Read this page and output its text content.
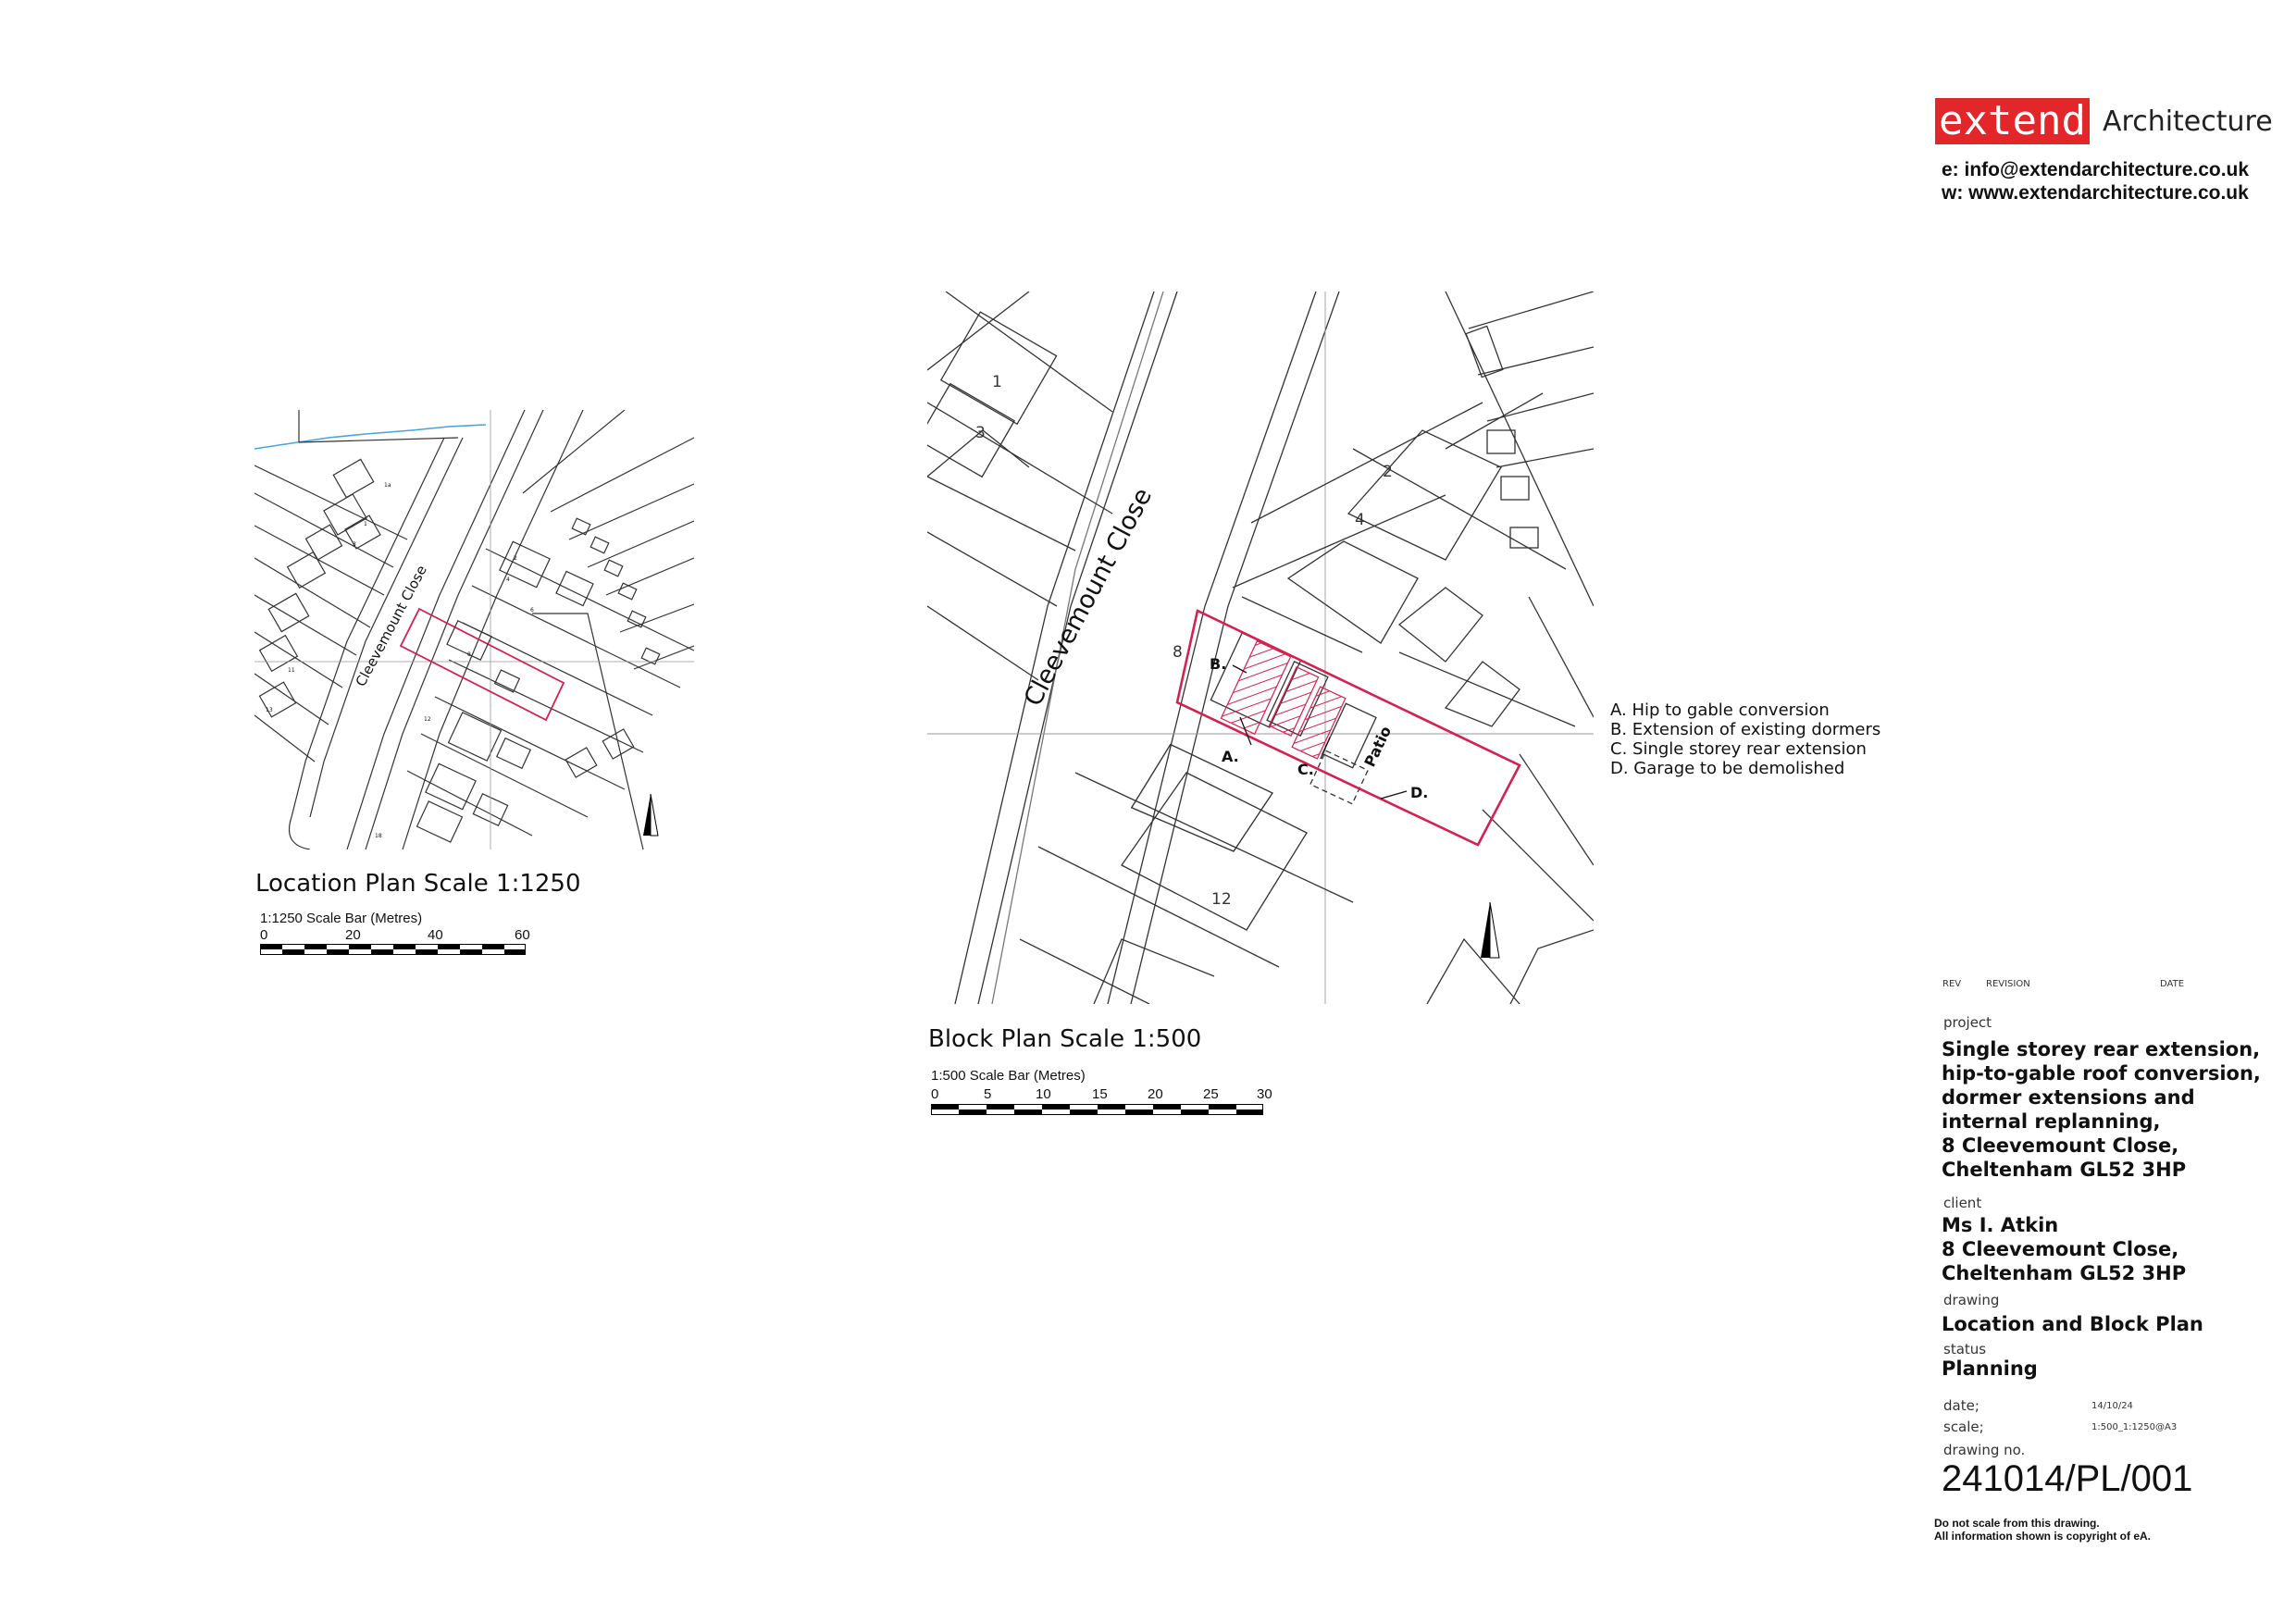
extend Architecture
e: info@extendarchitecture.co.uk
w: www.extendarchitecture.co.uk
Cleevemount Close
1a
1
3
2
4
6
8
11
12
13
18
Location Plan Scale 1:1250
1:1250 Scale Bar (Metres)
0	20	40	60
Cleevemount Close
1
3
2
4
8
12
Patio
A.
B.
C.
D.
Block Plan Scale 1:500
1:500 Scale Bar (Metres)
0	5	10	15	20	25	30
A. Hip to gable conversion
B. Extension of existing dormers
C. Single storey rear extension
D. Garage to be demolished
REV	REVISION	DATE
project
Single storey rear extension,
hip-to-gable roof conversion,
dormer extensions and
internal replanning,
8 Cleevemount Close,
Cheltenham GL52 3HP
client
Ms I. Atkin
8 Cleevemount Close,
Cheltenham GL52 3HP
drawing
Location and Block Plan
status
Planning
date;	14/10/24
scale;	1:500_1:1250@A3
drawing no.
241014/PL/001
Do not scale from this drawing.
All information shown is copyright of eA.
